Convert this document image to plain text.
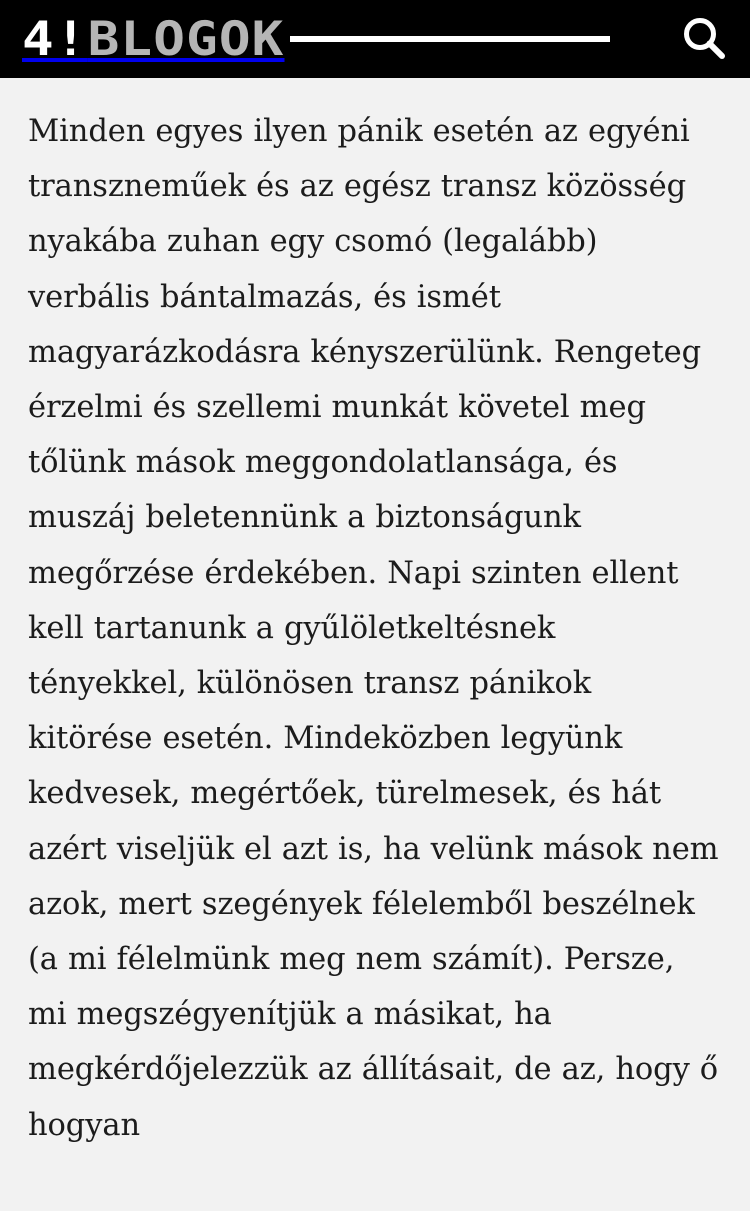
4!BLOGOK

Minden egyes ilyen pánik esetén az egyéni transzneműek és az egész transz közösség nyakába zuhan egy csomó (legalább) verbális bántalmazás, és ismét magyarázkodásra kényszerülünk. Rengeteg érzelmi és szellemi munkát követel meg tőlünk mások meggondolatlansága, és muszáj beletennünk a biztonságunk megőrzése érdekében. Napi szinten ellent kell tartanunk a gyűlöletkeltésnek tényekkel, különösen transz pánikok kitörése esetén. Mindeközben legyünk kedvesek, megértőek, türelmesek, és hát azért viseljük el azt is, ha velünk mások nem azok, mert szegények félelemből beszélnek (a mi félelmünk meg nem számít). Persze, mi megszégyenítjük a másikat, ha megkérdőjelezzük az állításait, de az, hogy ő hogyan
